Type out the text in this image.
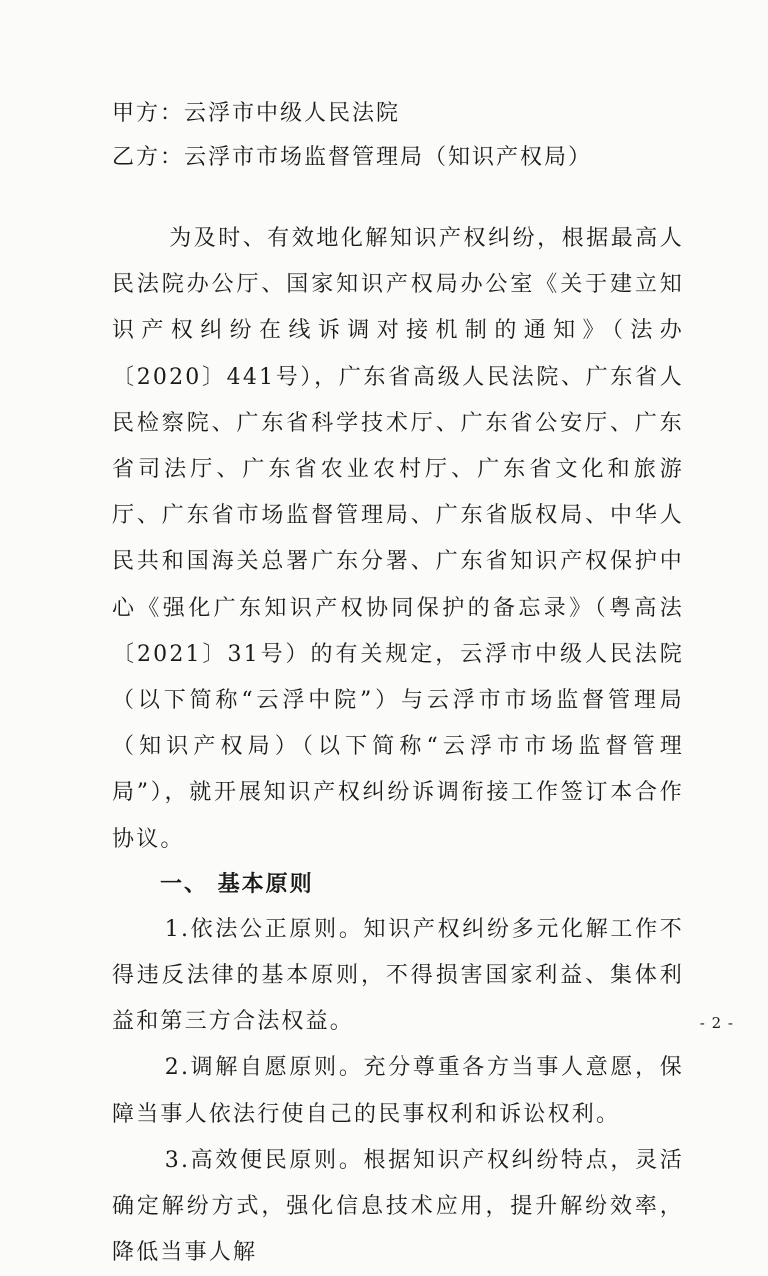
甲方：云浮市中级人民法院

乙方：云浮市市场监督管理局（知识产权局）

为及时、有效地化解知识产权纠纷，根据最高人民法院办公厅、国家知识产权局办公室《关于建立知识产权纠纷在线诉调对接机制的通知》（法办〔2020〕441号），广东省高级人民法院、广东省人民检察院、广东省科学技术厅、广东省公安厅、广东省司法厅、广东省农业农村厅、广东省文化和旅游厅、广东省市场监督管理局、广东省版权局、中华人民共和国海关总署广东分署、广东省知识产权保护中心《强化广东知识产权协同保护的备忘录》（粤高法〔2021〕31号）的有关规定，云浮市中级人民法院（以下简称“云浮中院”）与云浮市市场监督管理局（知识产权局）（以下简称“云浮市市场监督管理局”），就开展知识产权纠纷诉调衔接工作签订本合作协议。

一、 基本原则

1.依法公正原则。知识产权纠纷多元化解工作不得违反法律的基本原则，不得损害国家利益、集体利益和第三方合法权益。

2.调解自愿原则。充分尊重各方当事人意愿，保障当事人依法行使自己的民事权利和诉讼权利。

3.高效便民原则。根据知识产权纠纷特点，灵活确定解纷方式，强化信息技术应用，提升解纷效率，降低当事人解

- 2 -
